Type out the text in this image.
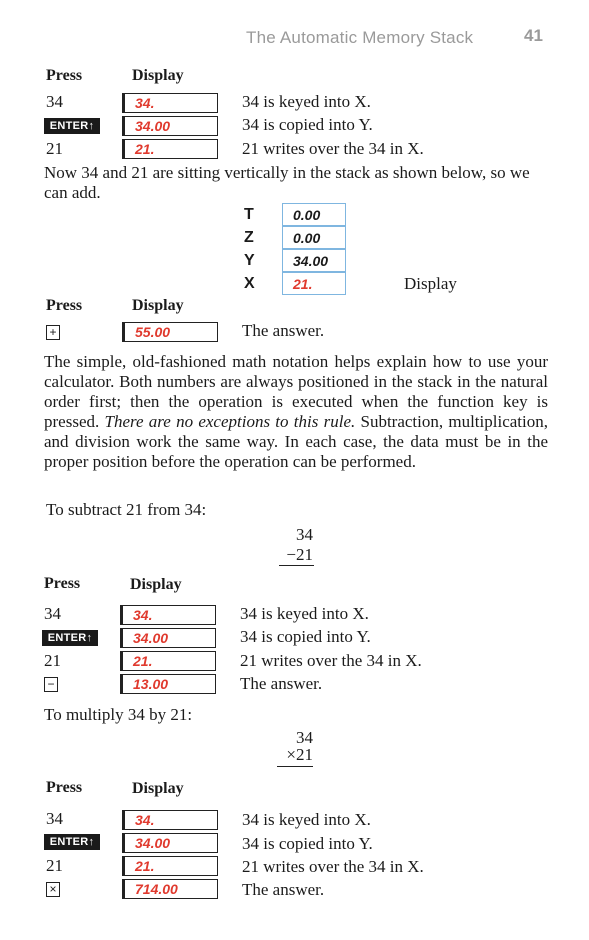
The Automatic Memory Stack	41
Press	Display
34	34.	34 is keyed into X.
ENTER↑	34.00	34 is copied into Y.
21	21.	21 writes over the 34 in X.
Now 34 and 21 are sitting vertically in the stack as shown below, so we can add.
T	0.00
Z	0.00
Y	34.00
X	21.	Display
Press	Display
+	55.00	The answer.
The simple, old-fashioned math notation helps explain how to use your calculator. Both numbers are always positioned in the stack in the natural order first; then the operation is executed when the function key is pressed. There are no exceptions to this rule. Subtraction, multiplication, and division work the same way. In each case, the data must be in the proper position before the operation can be performed.
To subtract 21 from 34:
34
−21
Press	Display
34	34.	34 is keyed into X.
ENTER↑	34.00	34 is copied into Y.
21	21.	21 writes over the 34 in X.
−	13.00	The answer.
To multiply 34 by 21:
34
×21
Press	Display
34	34.	34 is keyed into X.
ENTER↑	34.00	34 is copied into Y.
21	21.	21 writes over the 34 in X.
×	714.00	The answer.
